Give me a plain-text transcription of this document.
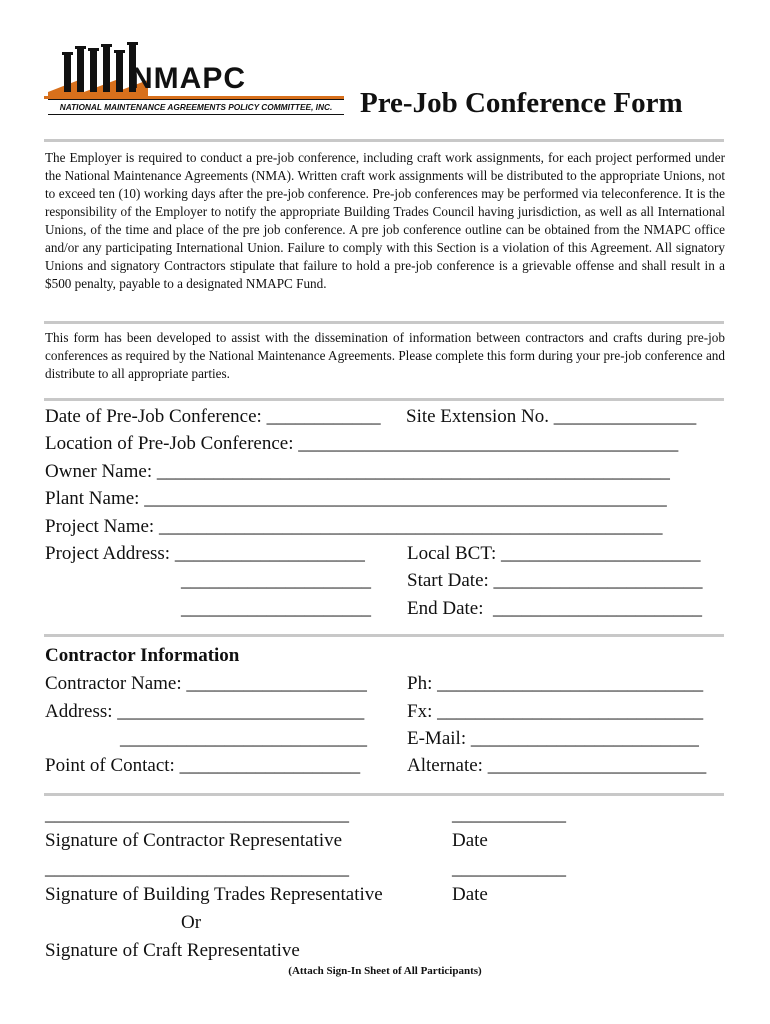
NMAPC
NATIONAL MAINTENANCE AGREEMENTS POLICY COMMITTEE, INC. Pre-Job Conference Form

The Employer is required to conduct a pre-job conference, including craft work assignments, for each project performed under the National Maintenance Agreements (NMA). Written craft work assignments will be distributed to the appropriate Unions, not to exceed ten (10) working days after the pre-job conference. Pre-job conferences may be performed via teleconference. It is the responsibility of the Employer to notify the appropriate Building Trades Council having jurisdiction, as well as all International Unions, of the time and place of the pre job conference. A pre job conference outline can be obtained from the NMAPC office and/or any participating International Union. Failure to comply with this Section is a violation of this Agreement. All signatory Unions and signatory Contractors stipulate that failure to hold a pre-job conference is a grievable offense and shall result in a $500 penalty, payable to a designated NMAPC Fund.

This form has been developed to assist with the dissemination of information between contractors and crafts during pre-job conferences as required by the National Maintenance Agreements. Please complete this form during your pre-job conference and distribute to all appropriate parties.

Date of Pre-Job Conference: ____________ Site Extension No. _______________
Location of Pre-Job Conference: ________________________________________
Owner Name: ______________________________________________________
Plant Name: _______________________________________________________
Project Name: _____________________________________________________
Project Address: ____________________ Local BCT: _____________________
____________________ Start Date: ______________________
____________________ End Date:  ______________________
Contractor Information
Contractor Name: ___________________ Ph: ____________________________
Address: __________________________ Fx: ____________________________
__________________________ E-Mail: ________________________
Point of Contact: ___________________ Alternate: _______________________
________________________________	____________
Signature of Contractor Representative	Date
________________________________	____________
Signature of Building Trades Representative	Date
Or
Signature of Craft Representative
(Attach Sign-In Sheet of All Participants)
